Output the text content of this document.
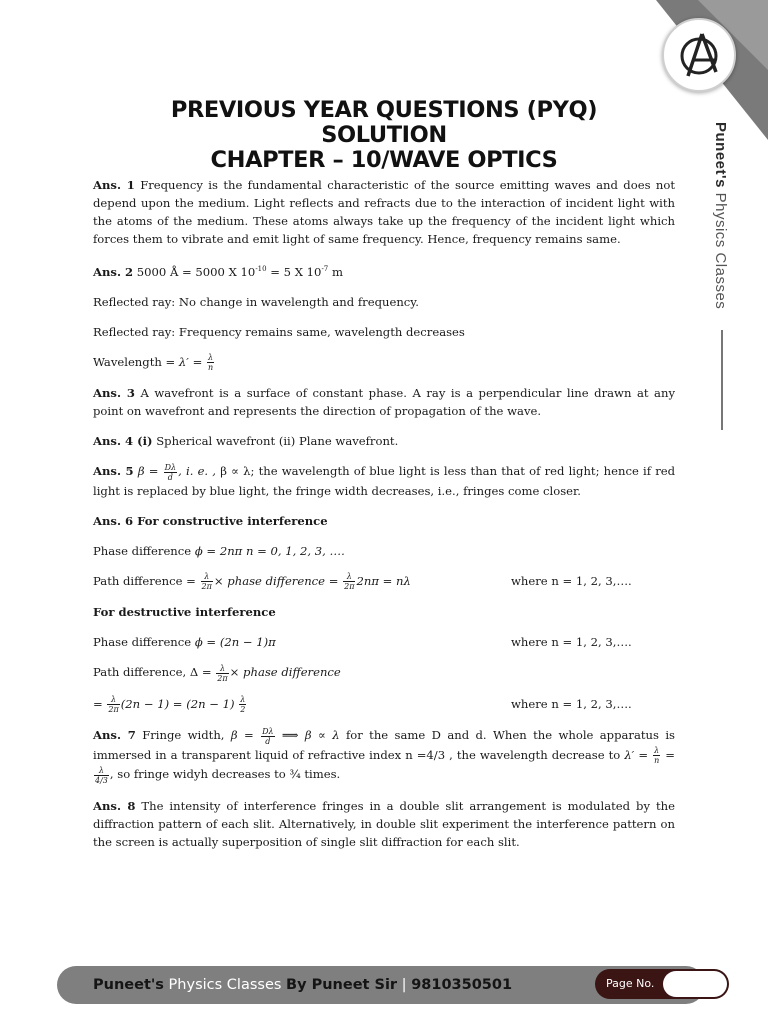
Puneet's Physics Classes
PREVIOUS YEAR QUESTIONS (PYQ)
SOLUTION
CHAPTER – 10/WAVE OPTICS

Ans. 1 Frequency is the fundamental characteristic of the source emitting waves and does not depend upon the medium. Light reflects and refracts due to the interaction of incident light with the atoms of the medium. These atoms always take up the frequency of the incident light which forces them to vibrate and emit light of same frequency. Hence, frequency remains same.

Ans. 2 5000 Å = 5000 X $10^{-10} = 5$ X $10^{-7}$ m

Reflected ray: No change in wavelength and frequency.

Reflected ray: Frequency remains same, wavelength decreases

Wavelength = $\lambda' = \frac{\lambda}{n}$

Ans. 3 A wavefront is a surface of constant phase. A ray is a perpendicular line drawn at any point on wavefront and represents the direction of propagation of the wave.

Ans. 4 (i) Spherical wavefront (ii) Plane wavefront.

Ans. 5 $\beta = \frac{D\lambda}{d}$ , i. e. , β ∝ λ; the wavelength of blue light is less than that of red light; hence if red light is replaced by blue light, the fringe width decreases, i.e., fringes come closer.

Ans. 6 For constructive interference

Phase difference ϕ = 2nπ n = 0, 1, 2, 3, ….

Path difference = $\frac{\lambda}{2\pi}$ × phase difference = $\frac{\lambda}{2\pi} 2n\pi = n\lambda$	where n = 1, 2, 3,….

For destructive interference

Phase difference ϕ = (2n − 1)π	where n = 1, 2, 3,….

Path difference, $\Delta = \frac{\lambda}{2\pi}$ × phase difference

= $\frac{\lambda}{2\pi} (2n - 1) = (2n - 1) \frac{\lambda}{2}$	where n = 1, 2, 3,….

Ans. 7 Fringe width, $\beta = \frac{D\lambda}{d}$ ⟹ β ∝ λ for the same D and d. When the whole apparatus is immersed in a transparent liquid of refractive index n =4/3 , the wavelength decrease to $\lambda' = \frac{\lambda}{n}$ =
$\frac{\lambda}{4/3}$ , so fringe widyh decreases to ¾ times.

Ans. 8 The intensity of interference fringes in a double slit arrangement is modulated by the diffraction pattern of each slit. Alternatively, in double slit experiment the interference pattern on the screen is actually superposition of single slit diffraction for each slit.

Puneet's Physics Classes By Puneet Sir | 9810350501	Page No.
